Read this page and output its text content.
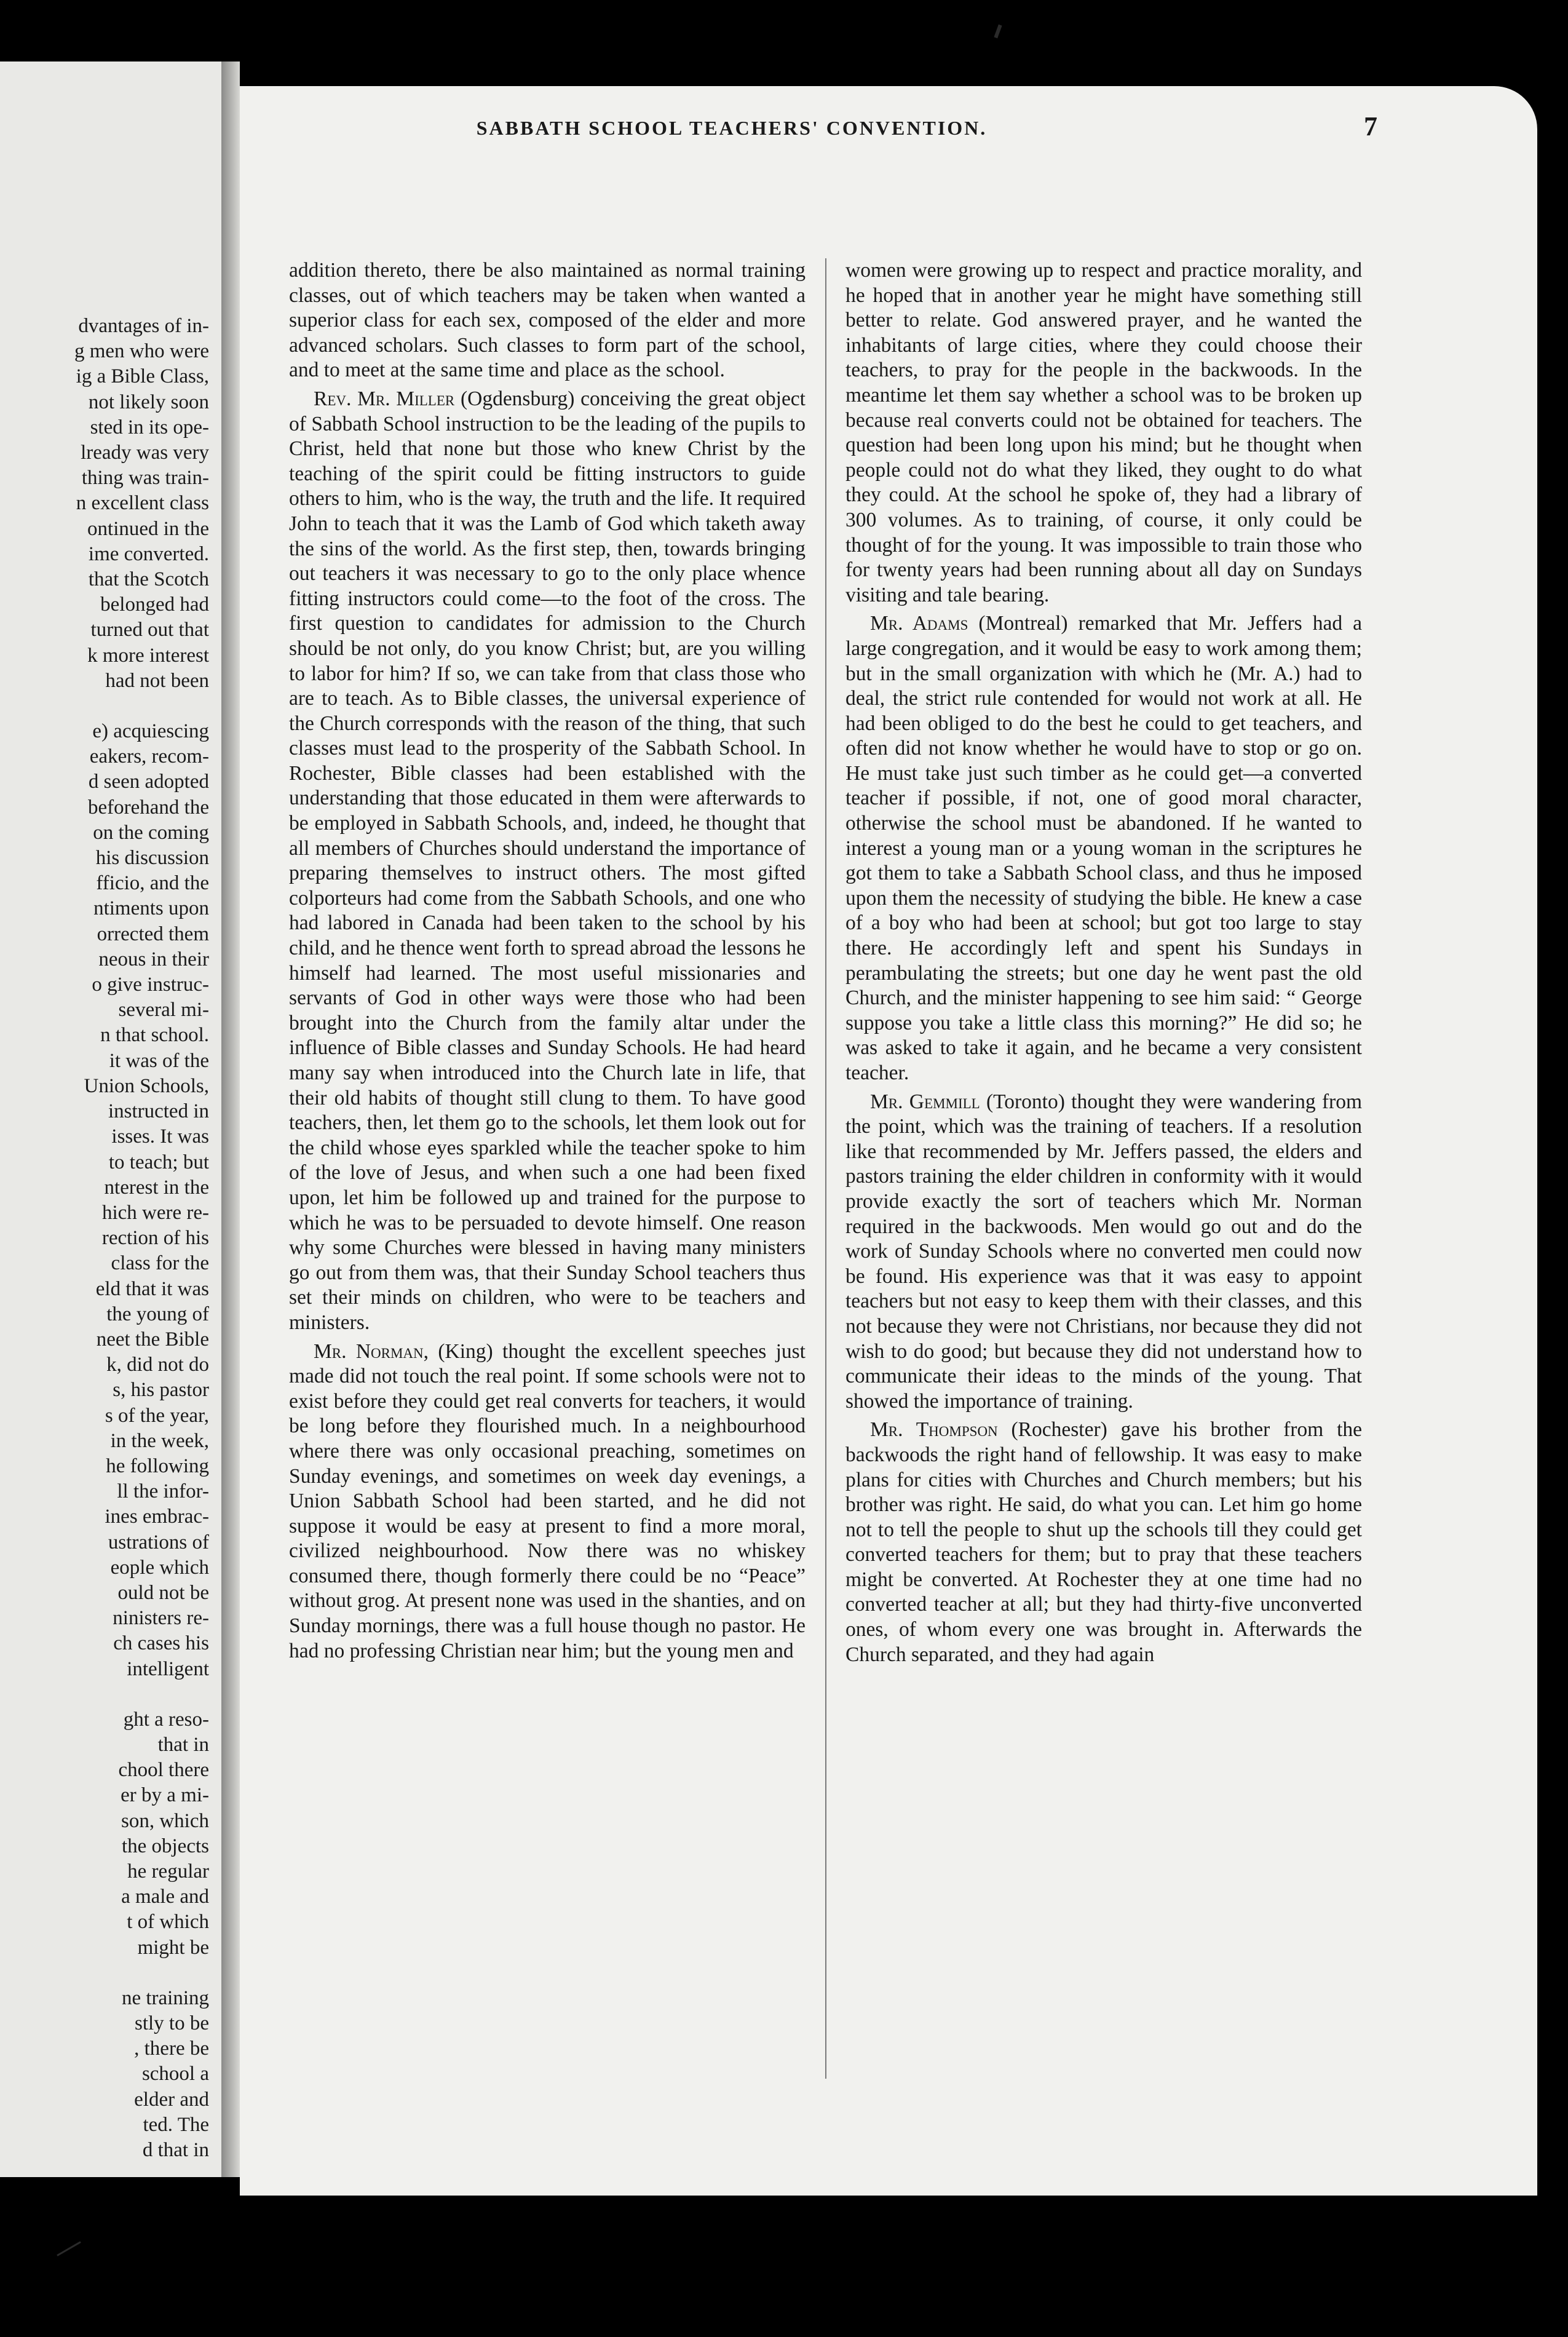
dvantages of in-
g men who were
ig a Bible Class,
not likely soon
sted in its ope-
lready was very
thing was train-
n excellent class
ontinued in the
ime converted.
that the Scotch
belonged had
turned out that
k more interest
had not been
e) acquiescing
eakers, recom-
d seen adopted
beforehand the
on the coming
his discussion
fficio, and the
ntiments upon
orrected them
neous in their
o give instruc-
several mi-
n that school.
it was of the
Union Schools,
instructed in
isses. It was
to teach; but
nterest in the
hich were re-
rection of his
class for the
eld that it was
the young of
neet the Bible
k, did not do
s, his pastor
s of the year,
in the week,
he following
ll the infor-
ines embrac-
ustrations of
eople which
ould not be
ninisters re-
ch cases his
intelligent
ght a reso-
that in
chool there
er by a mi-
son, which
the objects
he regular
a male and
t of which
might be
ne training
stly to be
, there be
school a
elder and
ted. The
d that in
SABBATH SCHOOL TEACHERS' CONVENTION.	7

addition thereto, there be also maintained as normal training classes, out of which teachers may be taken when wanted a superior class for each sex, composed of the elder and more advanced scholars. Such classes to form part of the school, and to meet at the same time and place as the school.

Rev. Mr. Miller (Ogdensburg) conceiving the great object of Sabbath School instruction to be the leading of the pupils to Christ, held that none but those who knew Christ by the teaching of the spirit could be fitting instructors to guide others to him, who is the way, the truth and the life. It required John to teach that it was the Lamb of God which taketh away the sins of the world. As the first step, then, towards bringing out teachers it was necessary to go to the only place whence fitting instructors could come—to the foot of the cross. The first question to candidates for admission to the Church should be not only, do you know Christ; but, are you willing to labor for him? If so, we can take from that class those who are to teach. As to Bible classes, the universal experience of the Church corresponds with the reason of the thing, that such classes must lead to the prosperity of the Sabbath School. In Rochester, Bible classes had been established with the understanding that those educated in them were afterwards to be employed in Sabbath Schools, and, indeed, he thought that all members of Churches should understand the importance of preparing themselves to instruct others. The most gifted colporteurs had come from the Sabbath Schools, and one who had labored in Canada had been taken to the school by his child, and he thence went forth to spread abroad the lessons he himself had learned. The most useful missionaries and servants of God in other ways were those who had been brought into the Church from the family altar under the influence of Bible classes and Sunday Schools. He had heard many say when introduced into the Church late in life, that their old habits of thought still clung to them. To have good teachers, then, let them go to the schools, let them look out for the child whose eyes sparkled while the teacher spoke to him of the love of Jesus, and when such a one had been fixed upon, let him be followed up and trained for the purpose to which he was to be persuaded to devote himself. One reason why some Churches were blessed in having many ministers go out from them was, that their Sunday School teachers thus set their minds on children, who were to be teachers and ministers.

Mr. Norman, (King) thought the excellent speeches just made did not touch the real point. If some schools were not to exist before they could get real converts for teachers, it would be long before they flourished much. In a neighbourhood where there was only occasional preaching, sometimes on Sunday evenings, and sometimes on week day evenings, a Union Sabbath School had been started, and he did not suppose it would be easy at present to find a more moral, civilized neighbourhood. Now there was no whiskey consumed there, though formerly there could be no “Peace” without grog. At present none was used in the shanties, and on Sunday mornings, there was a full house though no pastor. He had no professing Christian near him; but the young men and

women were growing up to respect and practice morality, and he hoped that in another year he might have something still better to relate. God answered prayer, and he wanted the inhabitants of large cities, where they could choose their teachers, to pray for the people in the backwoods. In the meantime let them say whether a school was to be broken up because real converts could not be obtained for teachers. The question had been long upon his mind; but he thought when people could not do what they liked, they ought to do what they could. At the school he spoke of, they had a library of 300 volumes. As to training, of course, it only could be thought of for the young. It was impossible to train those who for twenty years had been running about all day on Sundays visiting and tale bearing.

Mr. Adams (Montreal) remarked that Mr. Jeffers had a large congregation, and it would be easy to work among them; but in the small organization with which he (Mr. A.) had to deal, the strict rule contended for would not work at all. He had been obliged to do the best he could to get teachers, and often did not know whether he would have to stop or go on. He must take just such timber as he could get—a converted teacher if possible, if not, one of good moral character, otherwise the school must be abandoned. If he wanted to interest a young man or a young woman in the scriptures he got them to take a Sabbath School class, and thus he imposed upon them the necessity of studying the bible. He knew a case of a boy who had been at school; but got too large to stay there. He accordingly left and spent his Sundays in perambulating the streets; but one day he went past the old Church, and the minister happening to see him said: “ George suppose you take a little class this morning?” He did so; he was asked to take it again, and he became a very consistent teacher.

Mr. Gemmill (Toronto) thought they were wandering from the point, which was the training of teachers. If a resolution like that recommended by Mr. Jeffers passed, the elders and pastors training the elder children in conformity with it would provide exactly the sort of teachers which Mr. Norman required in the backwoods. Men would go out and do the work of Sunday Schools where no converted men could now be found. His experience was that it was easy to appoint teachers but not easy to keep them with their classes, and this not because they were not Christians, nor because they did not wish to do good; but because they did not understand how to communicate their ideas to the minds of the young. That showed the importance of training.

Mr. Thompson (Rochester) gave his brother from the backwoods the right hand of fellowship. It was easy to make plans for cities with Churches and Church members; but his brother was right. He said, do what you can. Let him go home not to tell the people to shut up the schools till they could get converted teachers for them; but to pray that these teachers might be converted. At Rochester they at one time had no converted teacher at all; but they had thirty-five unconverted ones, of whom every one was brought in. Afterwards the Church separated, and they had again
